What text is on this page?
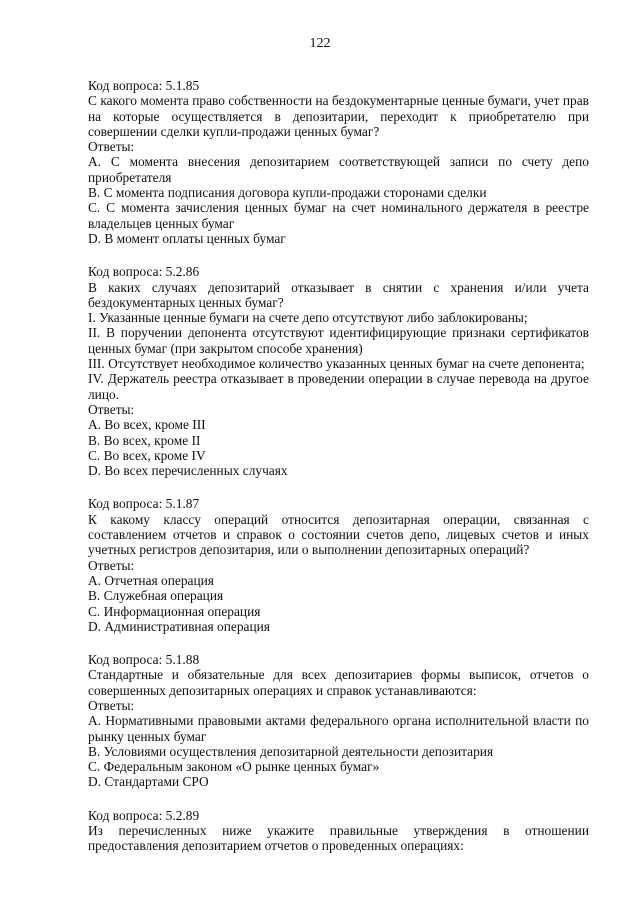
122

Код вопроса: 5.1.85

С какого момента право собственности на бездокументарные ценные бумаги, учет прав на которые осуществляется в депозитарии, переходит к приобретателю при совершении сделки купли-продажи ценных бумаг?

Ответы:

А. С момента внесения депозитарием соответствующей записи по счету депо приобретателя

В. С момента подписания договора купли-продажи сторонами сделки

С. С момента зачисления ценных бумаг на счет номинального держателя в реестре владельцев ценных бумаг

D. В момент оплаты ценных бумаг

Код вопроса: 5.2.86

В каких случаях депозитарий отказывает в снятии с хранения и/или учета бездокументарных ценных бумаг?

I. Указанные ценные бумаги на счете депо отсутствуют либо заблокированы;

II. В поручении депонента отсутствуют идентифицирующие признаки сертификатов ценных бумаг (при закрытом способе хранения)

III. Отсутствует необходимое количество указанных ценных бумаг на счете депонента;

IV. Держатель реестра отказывает в проведении операции в случае перевода на другое лицо.

Ответы:

А. Во всех, кроме III

В. Во всех, кроме II

С. Во всех, кроме IV

D. Во всех перечисленных случаях

Код вопроса: 5.1.87

К какому классу операций относится депозитарная операции, связанная с составлением отчетов и справок о состоянии счетов депо, лицевых счетов и иных учетных регистров депозитария, или о выполнении депозитарных операций?

Ответы:

А. Отчетная операция

В. Служебная операция

С. Информационная операция

D. Административная операция

Код вопроса: 5.1.88

Стандартные и обязательные для всех депозитариев формы выписок, отчетов о совершенных депозитарных операциях и справок устанавливаются:

Ответы:

А. Нормативными правовыми актами федерального органа исполнительной власти по рынку ценных бумаг

В. Условиями осуществления депозитарной деятельности депозитария

С. Федеральным законом «О рынке ценных бумаг»

D. Стандартами СРО

Код вопроса: 5.2.89

Из перечисленных ниже укажите правильные утверждения в отношении предоставления депозитарием отчетов о проведенных операциях:
